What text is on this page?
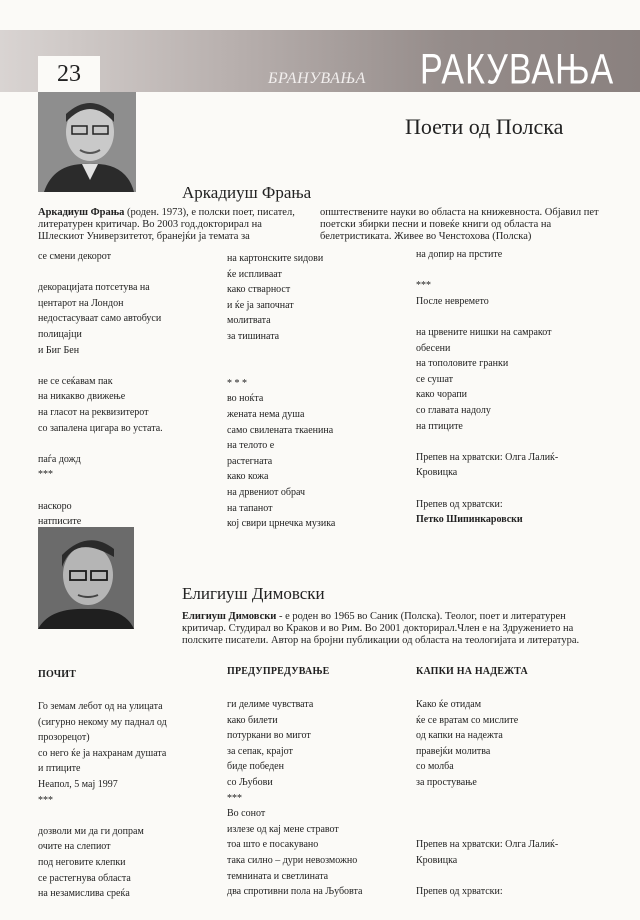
23	БРАНУВАЊА РАКУВАЊА
Поети од Полска
Аркадиуш Фрања
Аркадиуш Фрања (роден. 1973), е полски поет, писател, литературен критичар. Во 2003 год.докторирал на Шлескиот Универзитетот, бранејќи ја темата за
општествените науки во областа на книжевноста. Објавил пет поетски збирки песни и повеќе книги од областа на белетристиката. Живее во Ченстохова (Полска)
се смени декорот
декорацијата потсетува на
центарот на Лондон
недостасуваат само автобуси
полицајци
и Биг Бен
не се сеќавам пак
на никакво движење
на гласот на реквизитерот
со запалена цигара во устата.
паѓа дожд
***
наскоро
натписите
на картонските ѕидови
ќе испливаат
како стварност
и ќе ја започнат
молитвата
за тишината
* * *
во ноќта
жената нема душа
само свилената ткаенина
на телото е
растегната
како кожа
на дрвениот обрач
на тапанот
кој свири црнечка музика
на допир на прстите
***
После невремето
на црвените нишки на самракот
обесени
на тополовите гранки
се сушат
како чорапи
со главата надолу
на птиците
Препев на хрватски: Олга Лалиќ-
Кровицка
Препев од хрватски:
Петко Шипинкаровски
Елигиуш Димовски
Елигиуш Димовски - е роден во 1965 во Саник (Полска). Теолог, поет и литературен критичар. Студирал во Краков и во Рим. Во 2001 докторирал.Член е на Здружението на полските писатели. Автор на бројни публикации од областа на теологијата и литература.
ПОЧИТ	ПРЕДУПРЕДУВАЊЕ	КАПКИ НА НАДЕЖТА
Го земам лебот од на улицата
(сигурно некому му паднал од
прозорецот)
со него ќе ја нахранам душата
и птиците
Неапол, 5 мај 1997
***
дозволи ми да ги допрам
очите на слепиот
под неговите клепки
се растегнува областа
на незамислива среќа
ги делиме чувствата
како билети
потуркани во мигот
за сепак, крајот
биде победен
со Љубови
***
Во сонот
излезе од кај мене стравот
тоа што е посакувано
така силно – дури невозможно
темнината и светлината
два спротивни пола на Љубовта
Како ќе отидам
ќе се вратам со мислите
од капки на надежта
правејќи молитва
со молба
за простување
Препев на хрватски: Олга Лалиќ-
Кровицка
Препев од хрватски:
